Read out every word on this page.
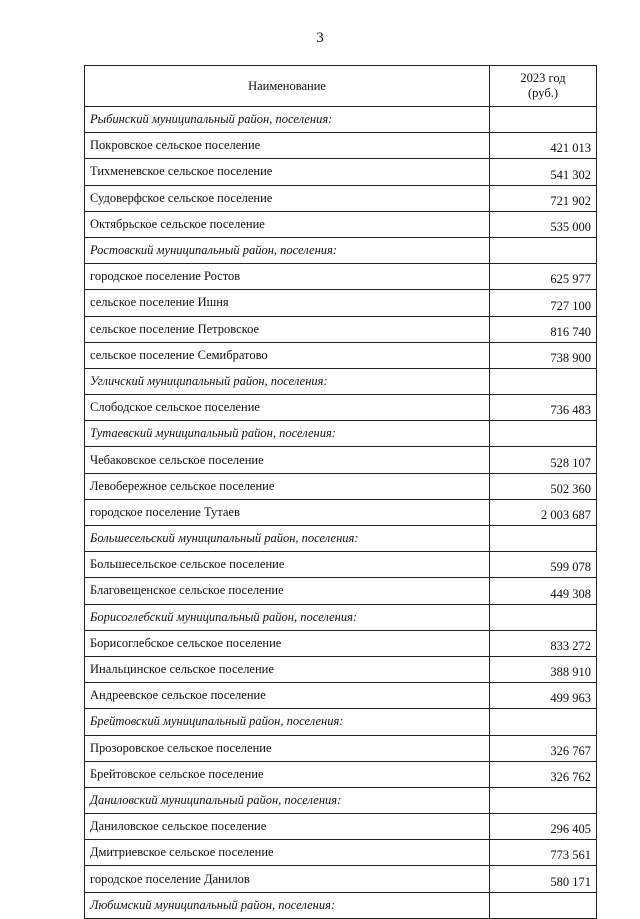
3
Наименование	2023 год
(руб.)
Рыбинский муниципальный район, поселения:	
Покровское сельское поселение	421 013
Тихменевское сельское поселение	541 302
Судоверфское сельское поселение	721 902
Октябрьское сельское поселение	535 000
Ростовский муниципальный район, поселения:	
городское поселение Ростов	625 977
сельское поселение Ишня	727 100
сельское поселение Петровское	816 740
сельское поселение Семибратово	738 900
Угличский муниципальный район, поселения:	
Слободское сельское поселение	736 483
Тутаевский муниципальный район, поселения:	
Чебаковское сельское поселение	528 107
Левобережное сельское поселение	502 360
городское поселение Тутаев	2 003 687
Большесельский муниципальный район, поселения:	
Большесельское сельское поселение	599 078
Благовещенское сельское поселение	449 308
Борисоглебский муниципальный район, поселения:	
Борисоглебское сельское поселение	833 272
Инальцинское сельское поселение	388 910
Андреевское сельское поселение	499 963
Брейтовский муниципальный район, поселения:	
Прозоровское сельское поселение	326 767
Брейтовское сельское поселение	326 762
Даниловский муниципальный район, поселения:	
Даниловское сельское поселение	296 405
Дмитриевское сельское поселение	773 561
городское поселение Данилов	580 171
Любимский муниципальный район, поселения:	
